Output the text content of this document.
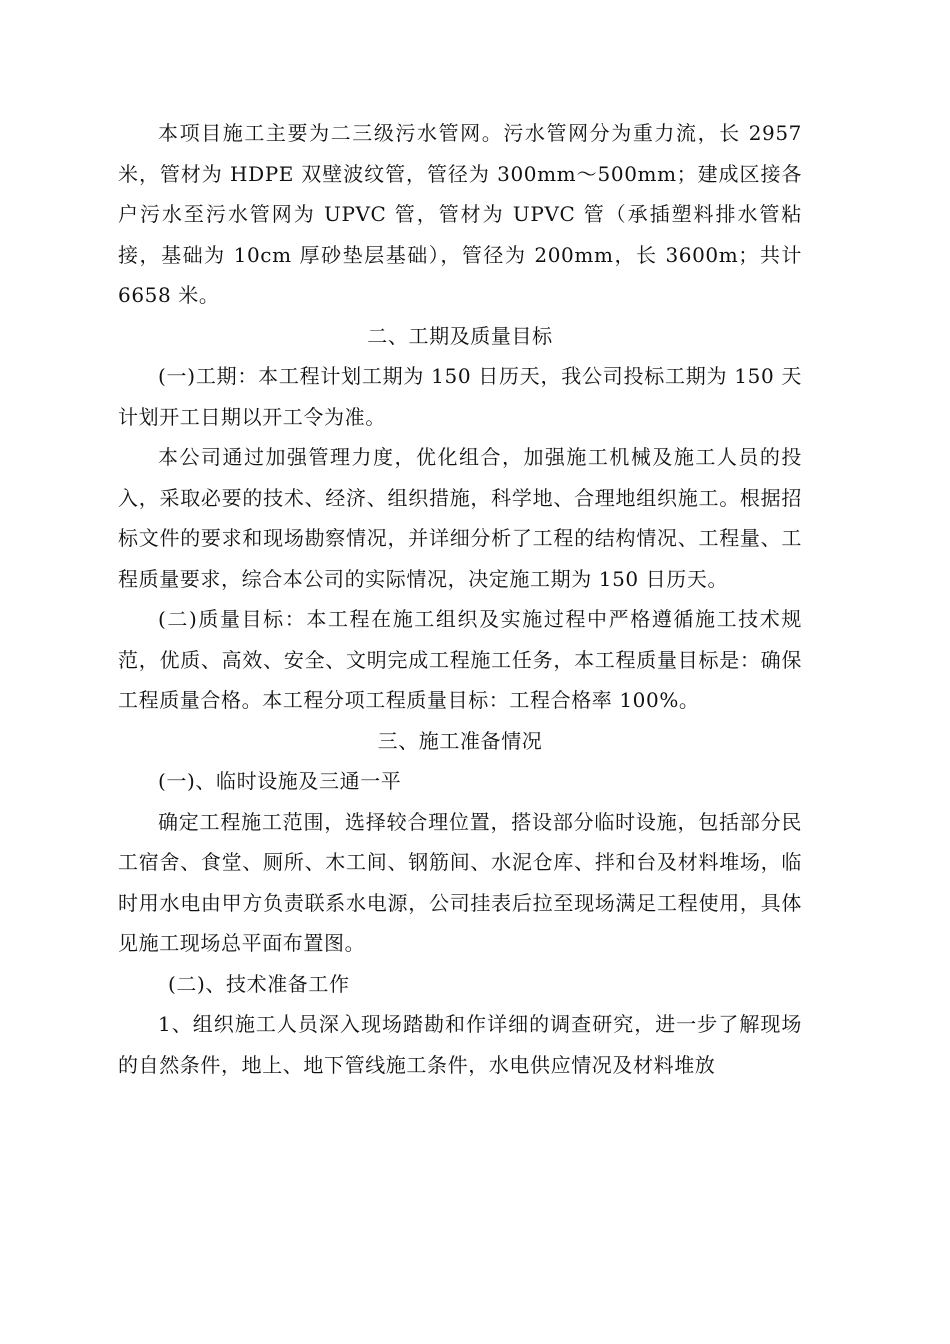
本项目施工主要为二三级污水管网。污水管网分为重力流，长 2957 米，管材为 HDPE 双壁波纹管，管径为 300mm～500mm；建成区接各户污水至污水管网为 UPVC 管，管材为 UPVC 管（承插塑料排水管粘接，基础为 10cm 厚砂垫层基础），管径为 200mm，长 3600m；共计 6658 米。

二、工期及质量目标

(一)工期：本工程计划工期为 150 日历天，我公司投标工期为 150 天计划开工日期以开工令为准。

本公司通过加强管理力度，优化组合，加强施工机械及施工人员的投入，采取必要的技术、经济、组织措施，科学地、合理地组织施工。根据招标文件的要求和现场勘察情况，并详细分析了工程的结构情况、工程量、工程质量要求，综合本公司的实际情况，决定施工期为 150 日历天。

(二)质量目标：本工程在施工组织及实施过程中严格遵循施工技术规范，优质、高效、安全、文明完成工程施工任务，本工程质量目标是：确保工程质量合格。本工程分项工程质量目标：工程合格率 100%。

三、施工准备情况

(一)、临时设施及三通一平

确定工程施工范围，选择较合理位置，搭设部分临时设施，包括部分民工宿舍、食堂、厕所、木工间、钢筋间、水泥仓库、拌和台及材料堆场，临时用水电由甲方负责联系水电源，公司挂表后拉至现场满足工程使用，具体见施工现场总平面布置图。

(二)、技术准备工作

1、组织施工人员深入现场踏勘和作详细的调查研究，进一步了解现场的自然条件，地上、地下管线施工条件，水电供应情况及材料堆放
